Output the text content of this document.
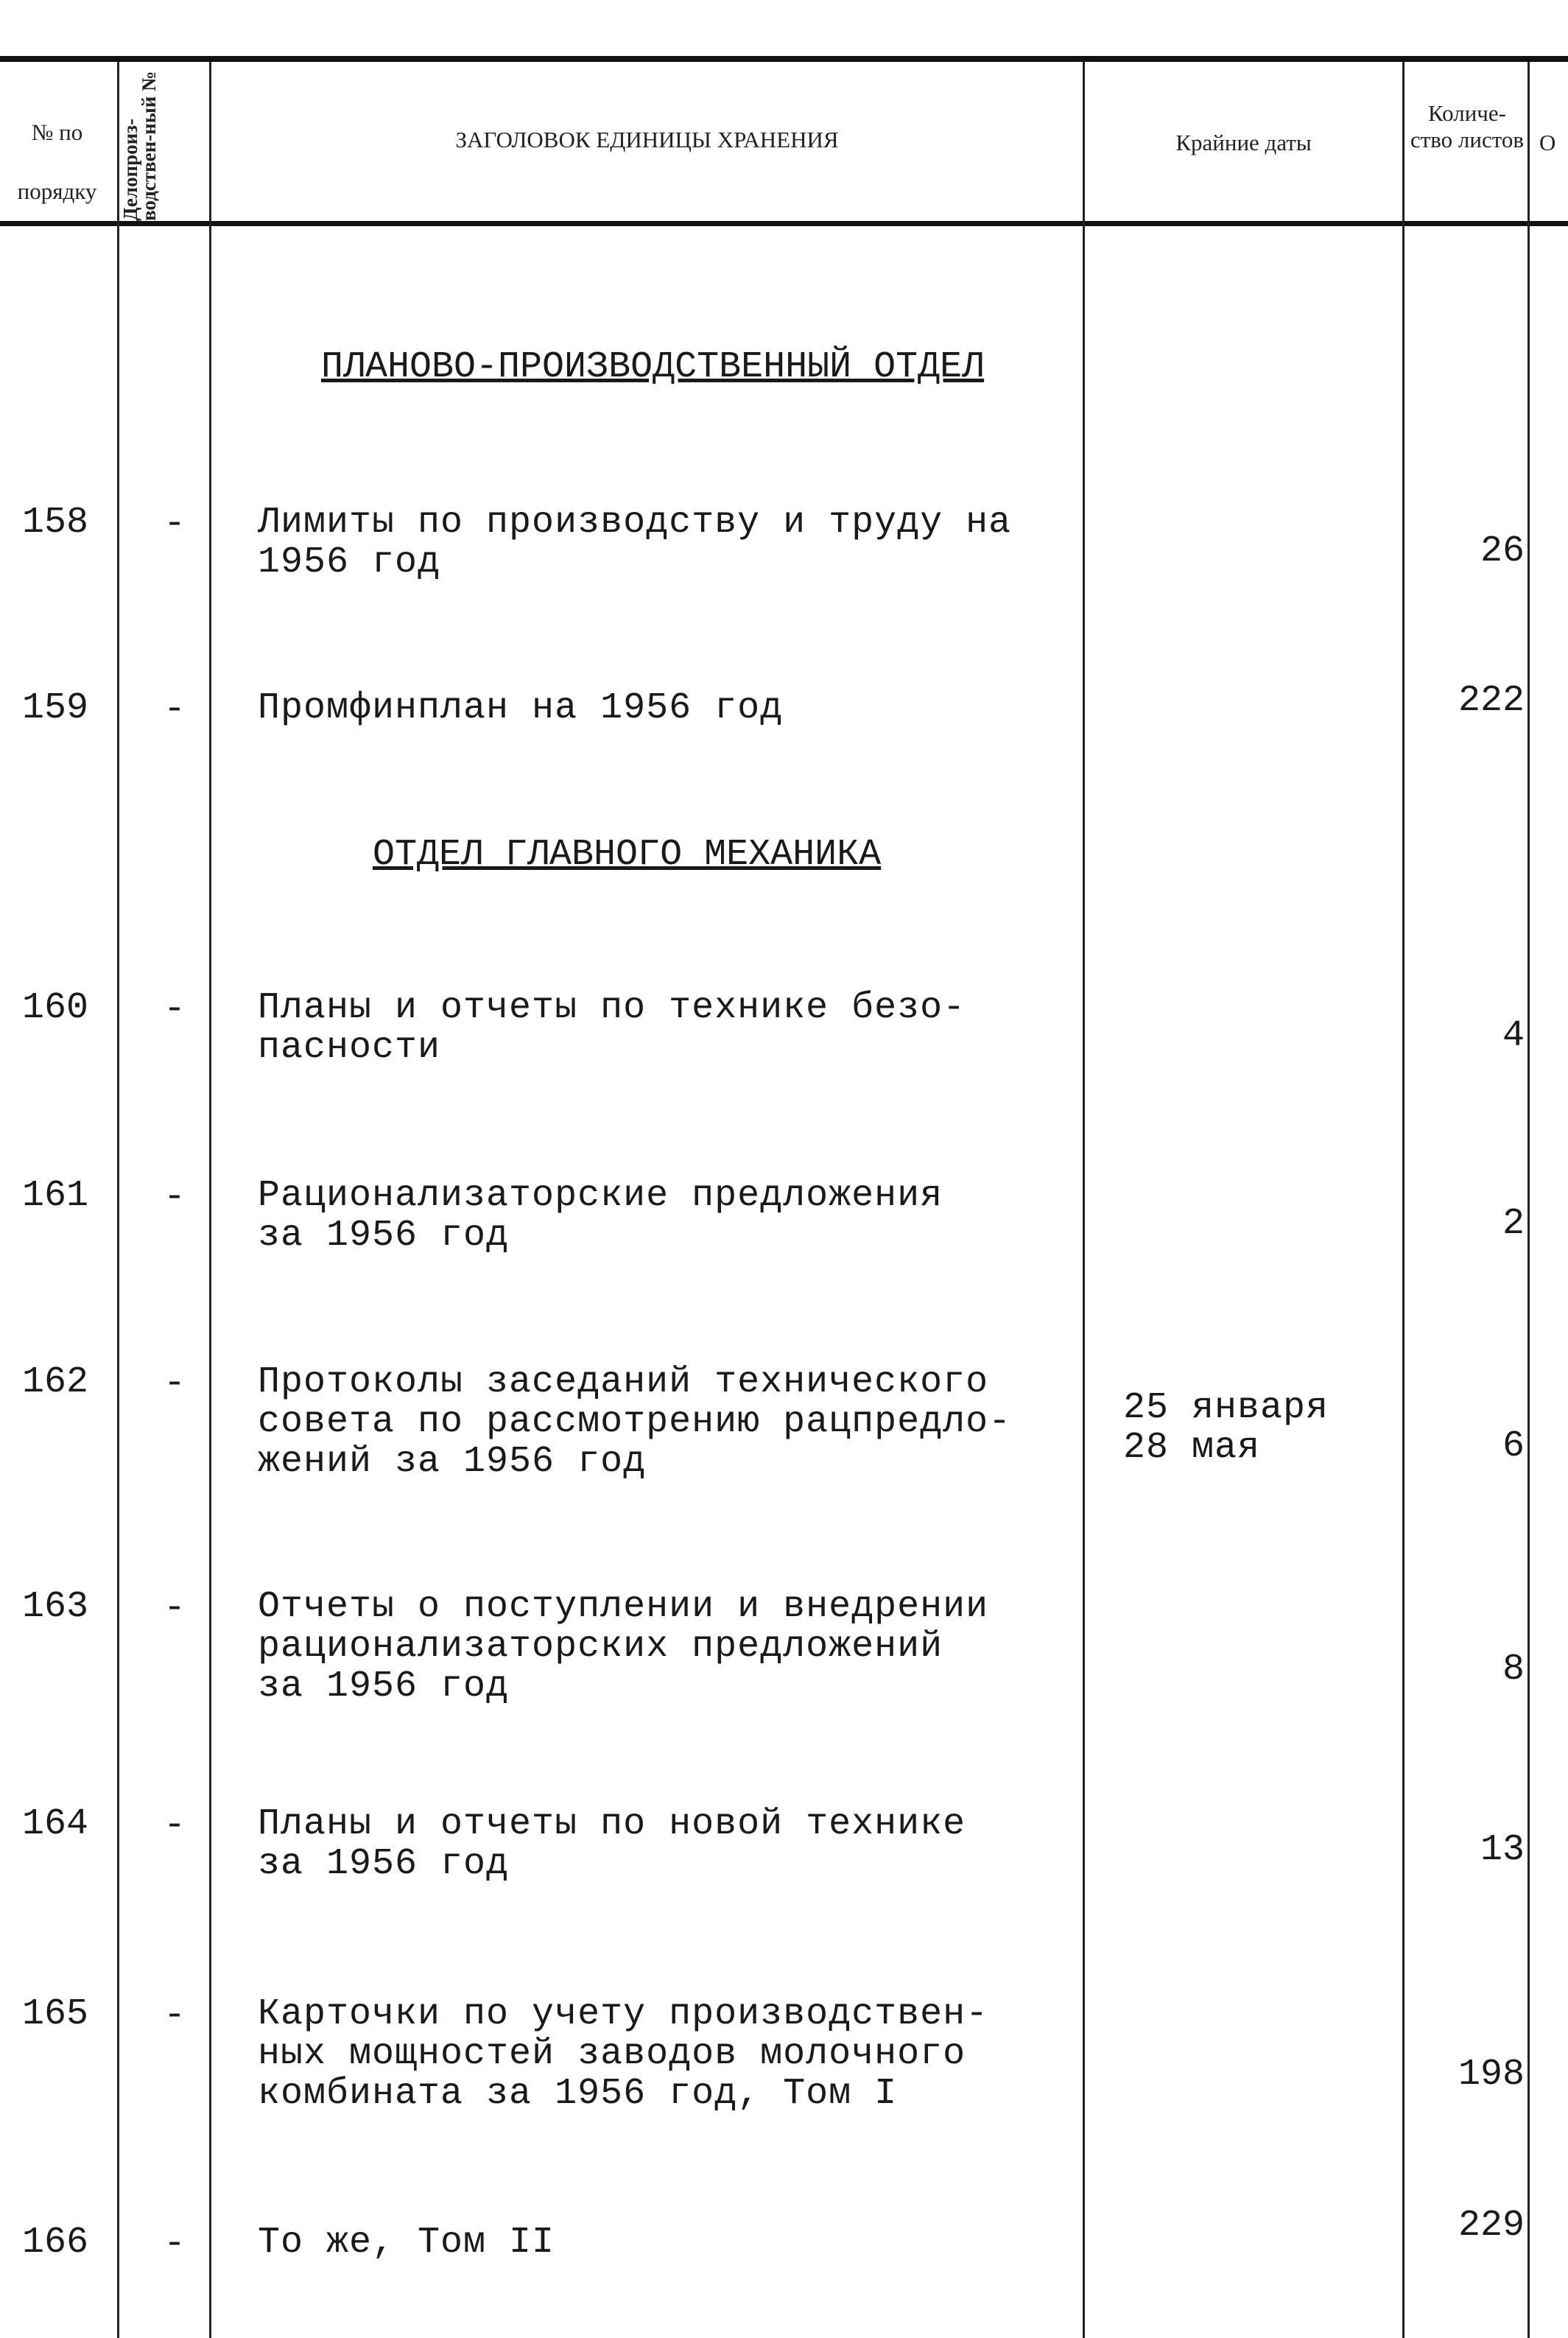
№ по порядку	Делопроиз-водствен-ный №	ЗАГОЛОВОК ЕДИНИЦЫ ХРАНЕНИЯ	Крайние даты
Количе-ство листов О
ПЛАНОВО-ПРОИЗВОДСТВЕННЫЙ ОТДЕЛ
ОТДЕЛ ГЛАВНОГО МЕХАНИКА
158 - Лимиты по производству и труду на
1956 год	26
159 - Промфинплан на 1956 год	222
160 - Планы и отчеты по технике безо-
пасности	4
161 - Рационализаторские предложения
за 1956 год	2
162 - Протоколы заседаний технического
совета по рассмотрению рацпредло-
жений за 1956 год
25 января
28 мая	6
163 - Отчеты о поступлении и внедрении
рационализаторских предложений
за 1956 год	8
164 - Планы и отчеты по новой технике
за 1956 год	13
165 - Карточки по учету производствен-
ных мощностей заводов молочного
комбината за 1956 год, Том I	198
166 - То же, Том II	229
